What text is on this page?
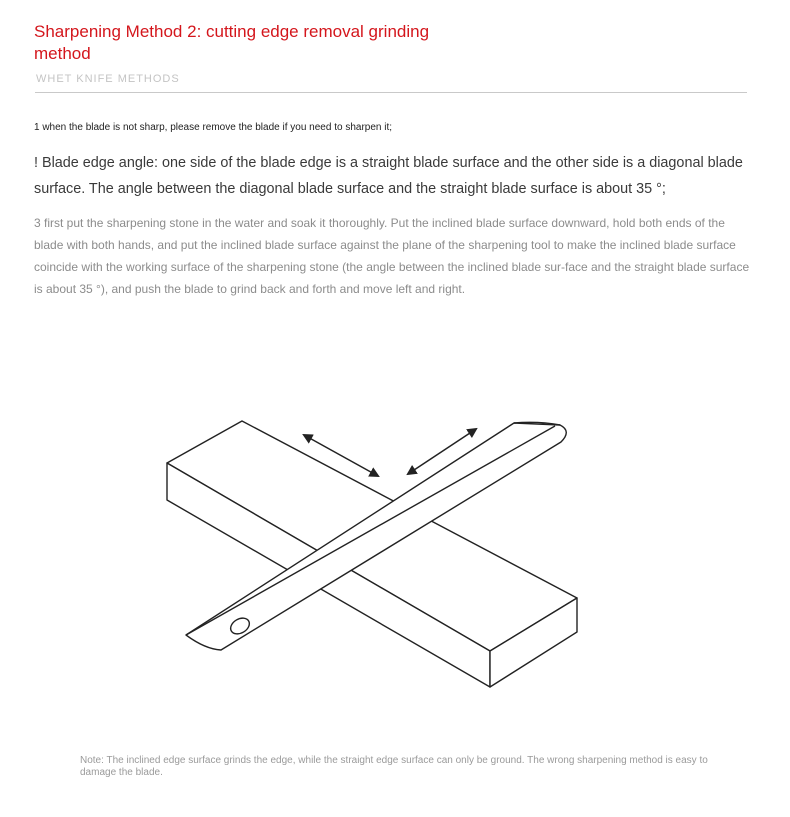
Sharpening Method 2: cutting edge removal grinding method
WHET KNIFE METHODS

1 when the blade is not sharp, please remove the blade if you need to sharpen it;

! Blade edge angle: one side of the blade edge is a straight blade surface and the other side is a diagonal blade surface. The angle between the diagonal blade surface and the straight blade surface is about 35 °;

3 first put the sharpening stone in the water and soak it thoroughly. Put the inclined blade surface downward, hold both ends of the blade with both hands, and put the inclined blade surface against the plane of the sharpening tool to make the inclined blade surface coincide with the working surface of the sharpening stone (the angle between the inclined blade sur-face and the straight blade surface is about 35 °), and push the blade to grind back and forth and move left and right.

Note: The inclined edge surface grinds the edge, while the straight edge surface can only be ground. The wrong sharpening method is easy to damage the blade.
